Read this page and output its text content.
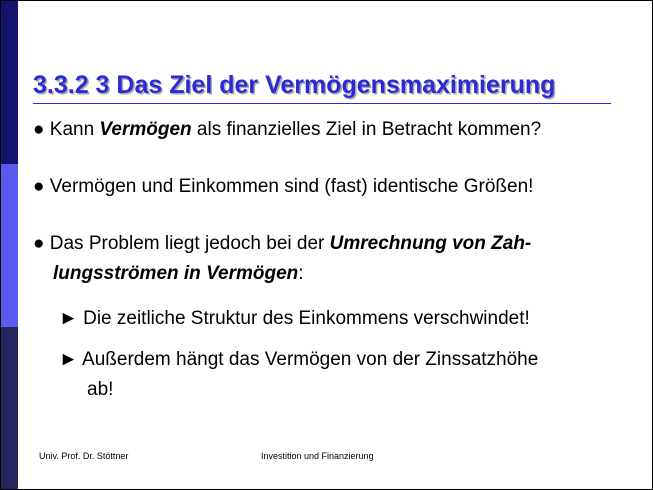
3.3.2 3 Das Ziel der Vermögensmaximierung
● Kann Vermögen als finanzielles Ziel in Betracht kommen?
● Vermögen und Einkommen sind (fast) identische Größen!
● Das Problem liegt jedoch bei der Umrechnung von Zah-
lungsströmen in Vermögen:
► Die zeitliche Struktur des Einkommens verschwindet!
► Außerdem hängt das Vermögen von der Zinssatzhöhe
ab!
Univ. Prof. Dr. Stöttner	Investition und Finanzierung
